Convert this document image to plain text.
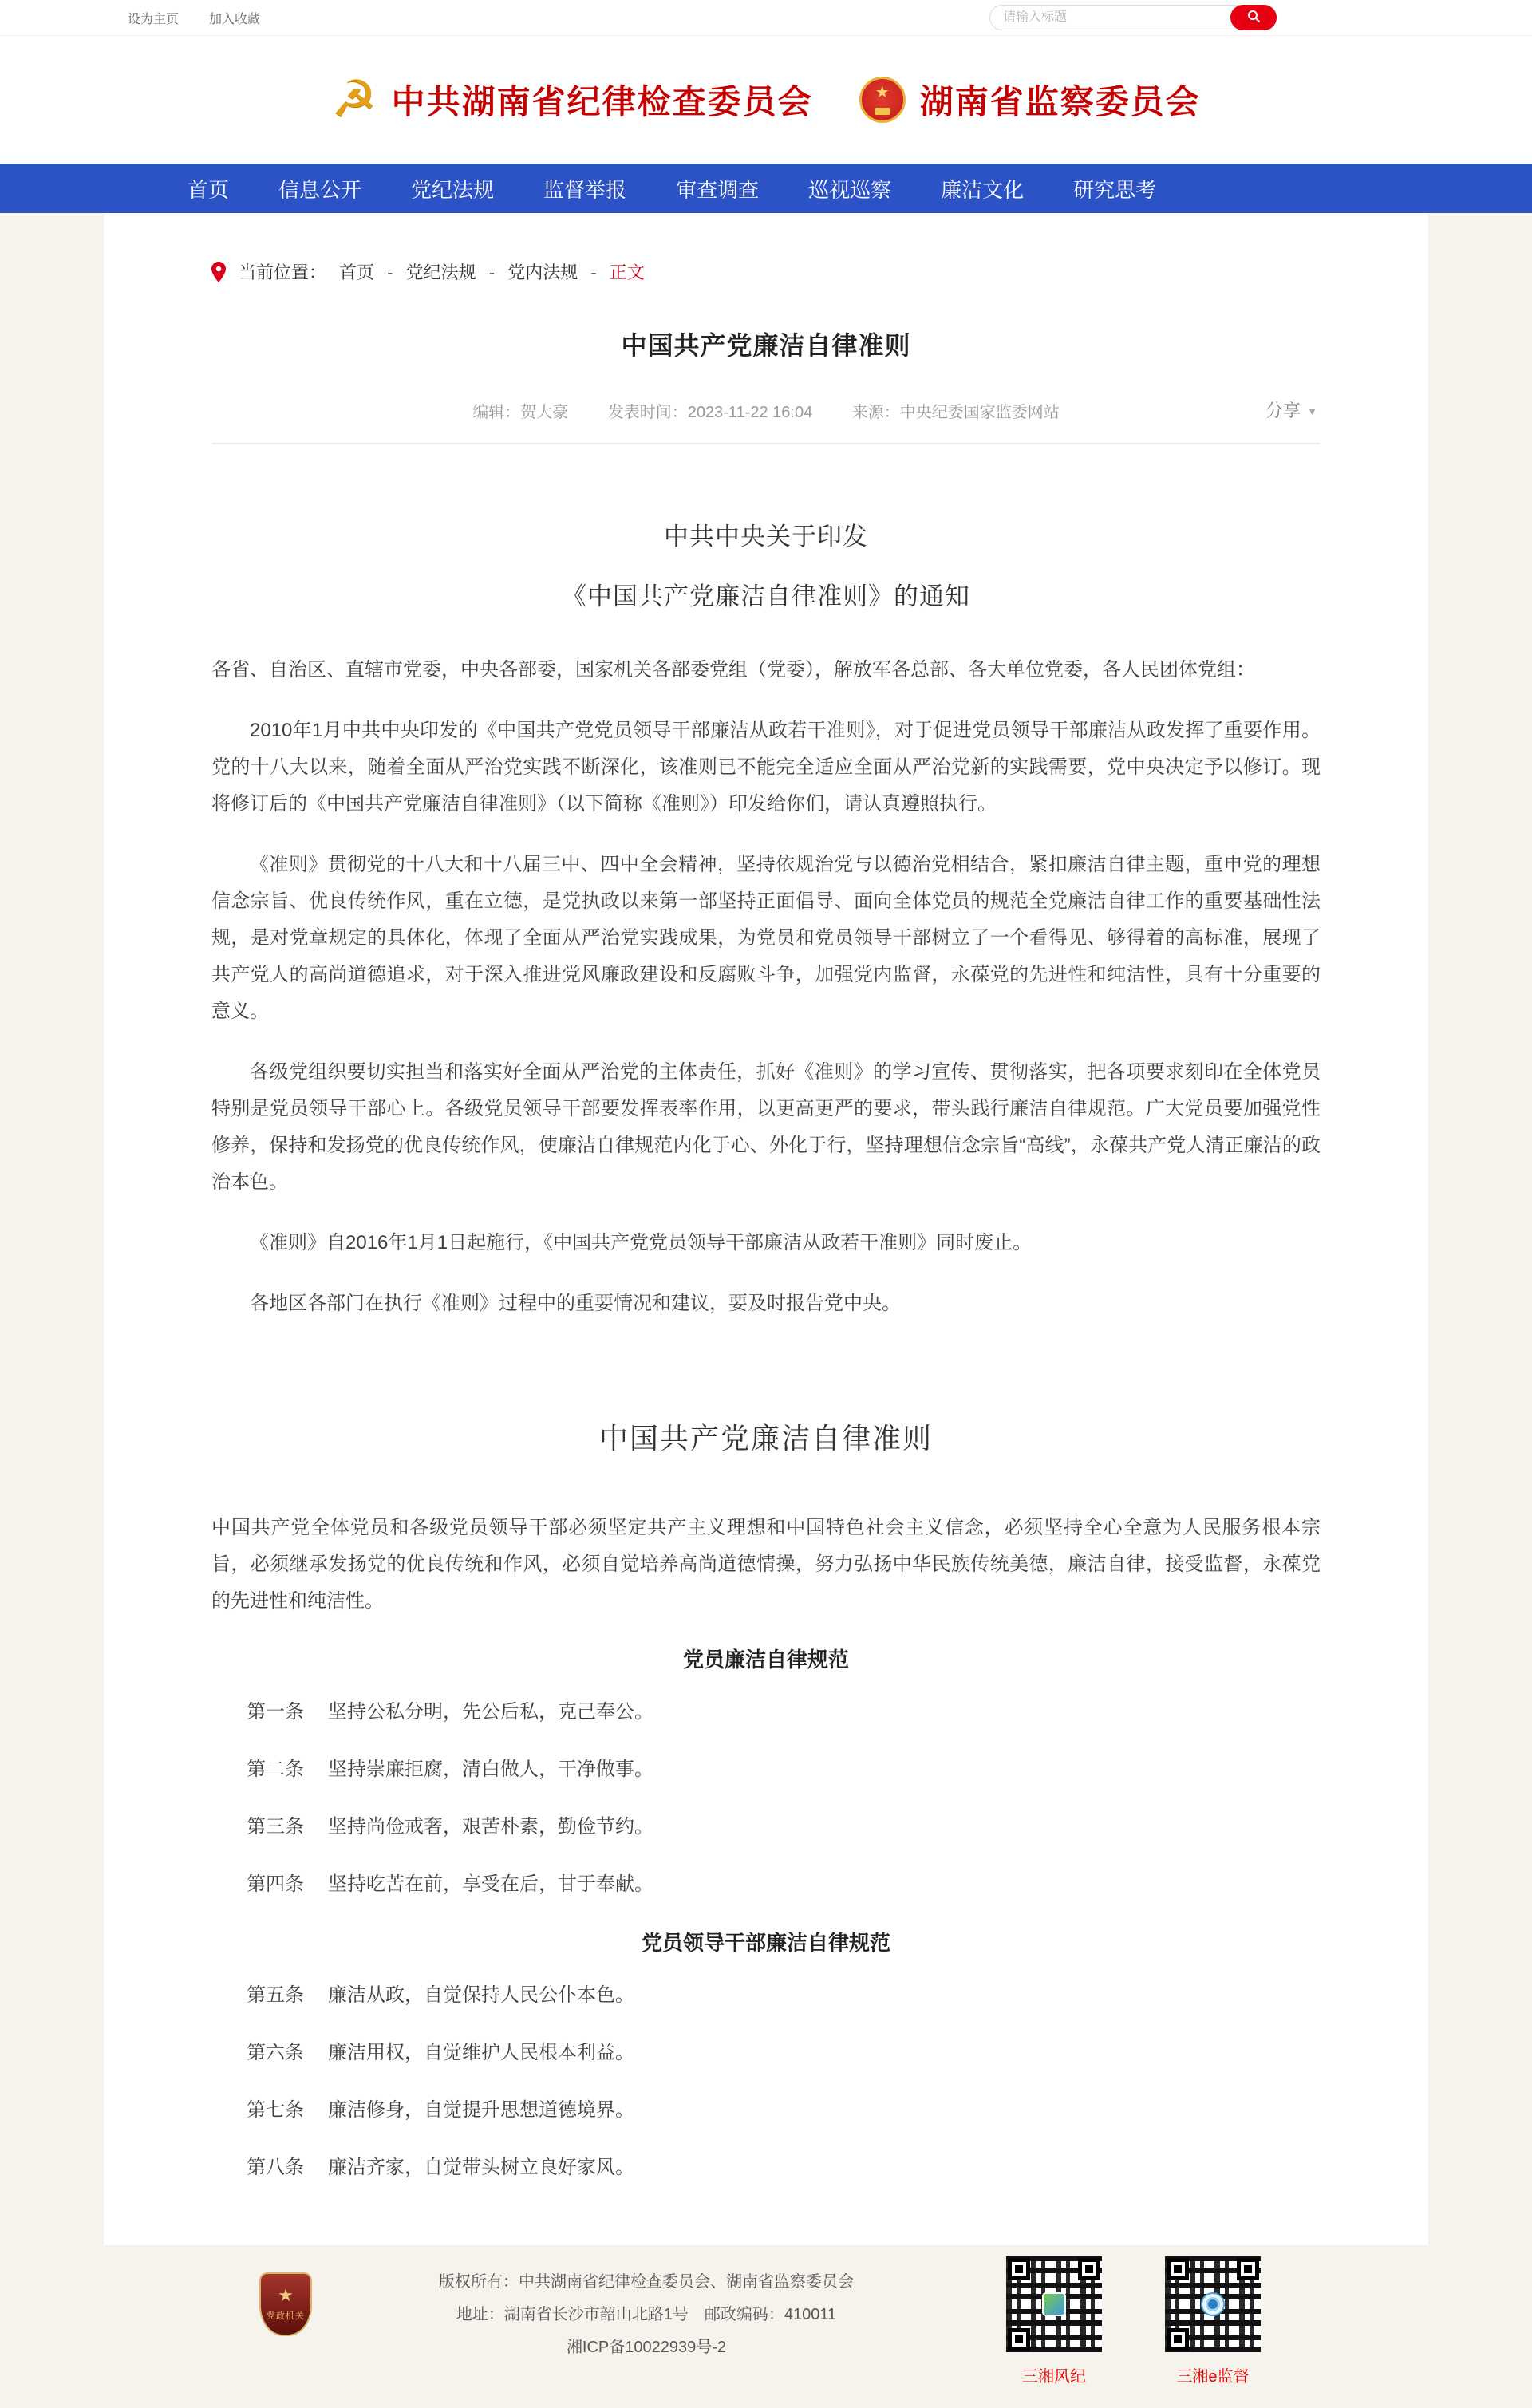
设为主页 加入收藏
请输入标题
☭ 中共湖南省纪律检查委员会	★ 湖南省监察委员会
首页 信息公开 党纪法规 监督举报 审查调查 巡视巡察 廉洁文化 研究思考
当前位置： 首页 - 党纪法规 - 党内法规 - 正文
中国共产党廉洁自律准则
编辑：贺大豪 发表时间：2023-11-22 16:04 来源：中央纪委国家监委网站	分享 ▼
中共中央关于印发
《中国共产党廉洁自律准则》的通知

各省、自治区、直辖市党委，中央各部委，国家机关各部委党组（党委），解放军各总部、各大单位党委，各人民团体党组：

2010年1月中共中央印发的《中国共产党党员领导干部廉洁从政若干准则》，对于促进党员领导干部廉洁从政发挥了重要作用。党的十八大以来，随着全面从严治党实践不断深化，该准则已不能完全适应全面从严治党新的实践需要，党中央决定予以修订。现将修订后的《中国共产党廉洁自律准则》（以下简称《准则》）印发给你们，请认真遵照执行。

《准则》贯彻党的十八大和十八届三中、四中全会精神，坚持依规治党与以德治党相结合，紧扣廉洁自律主题，重申党的理想信念宗旨、优良传统作风，重在立德，是党执政以来第一部坚持正面倡导、面向全体党员的规范全党廉洁自律工作的重要基础性法规，是对党章规定的具体化，体现了全面从严治党实践成果，为党员和党员领导干部树立了一个看得见、够得着的高标准，展现了共产党人的高尚道德追求，对于深入推进党风廉政建设和反腐败斗争，加强党内监督，永葆党的先进性和纯洁性，具有十分重要的意义。

各级党组织要切实担当和落实好全面从严治党的主体责任，抓好《准则》的学习宣传、贯彻落实，把各项要求刻印在全体党员特别是党员领导干部心上。各级党员领导干部要发挥表率作用，以更高更严的要求，带头践行廉洁自律规范。广大党员要加强党性修养，保持和发扬党的优良传统作风，使廉洁自律规范内化于心、外化于行，坚持理想信念宗旨“高线”，永葆共产党人清正廉洁的政治本色。

《准则》自2016年1月1日起施行，《中国共产党党员领导干部廉洁从政若干准则》同时废止。

各地区各部门在执行《准则》过程中的重要情况和建议，要及时报告党中央。

中国共产党廉洁自律准则

中国共产党全体党员和各级党员领导干部必须坚定共产主义理想和中国特色社会主义信念，必须坚持全心全意为人民服务根本宗旨，必须继承发扬党的优良传统和作风，必须自觉培养高尚道德情操，努力弘扬中华民族传统美德，廉洁自律，接受监督，永葆党的先进性和纯洁性。

党员廉洁自律规范
第一条 坚持公私分明，先公后私，克己奉公。
第二条 坚持崇廉拒腐，清白做人，干净做事。
第三条 坚持尚俭戒奢，艰苦朴素，勤俭节约。
第四条 坚持吃苦在前，享受在后，甘于奉献。
党员领导干部廉洁自律规范
第五条 廉洁从政，自觉保持人民公仆本色。
第六条 廉洁用权，自觉维护人民根本利益。
第七条 廉洁修身，自觉提升思想道德境界。
第八条 廉洁齐家，自觉带头树立良好家风。
★
党政机关
版权所有：中共湖南省纪律检查委员会、湖南省监察委员会
地址：湖南省长沙市韶山北路1号　邮政编码：410011
湘ICP备10022939号-2
三湘风纪	三湘e监督
